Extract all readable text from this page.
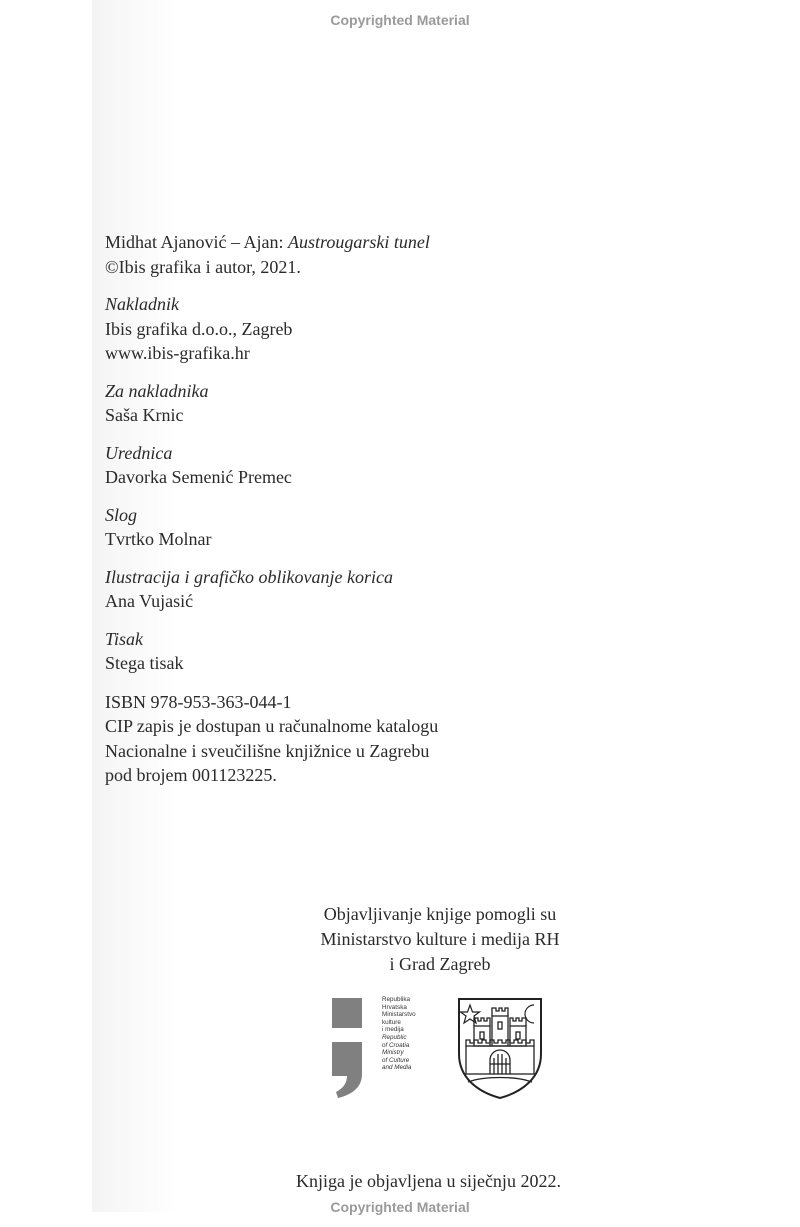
Copyrighted Material
Midhat Ajanović – Ajan: Austrougarski tunel
©Ibis grafika i autor, 2021.
Nakladnik
Ibis grafika d.o.o., Zagreb
www.ibis-grafika.hr
Za nakladnika
Saša Krnic
Urednica
Davorka Semenić Premec
Slog
Tvrtko Molnar
Ilustracija i grafičko oblikovanje korica
Ana Vujasić
Tisak
Stega tisak
ISBN 978-953-363-044-1
CIP zapis je dostupan u računalnome katalogu
Nacionalne i sveučilišne knjižnice u Zagrebu
pod brojem 001123225.
Objavljivanje knjige pomogli su
Ministarstvo kulture i medija RH
i Grad Zagreb
Republika
Hrvatska
Ministarstvo
kulture
i medija
Republic
of Croatia
Ministry
of Culture
and Media
Knjiga je objavljena u siječnju 2022.
Copyrighted Material
